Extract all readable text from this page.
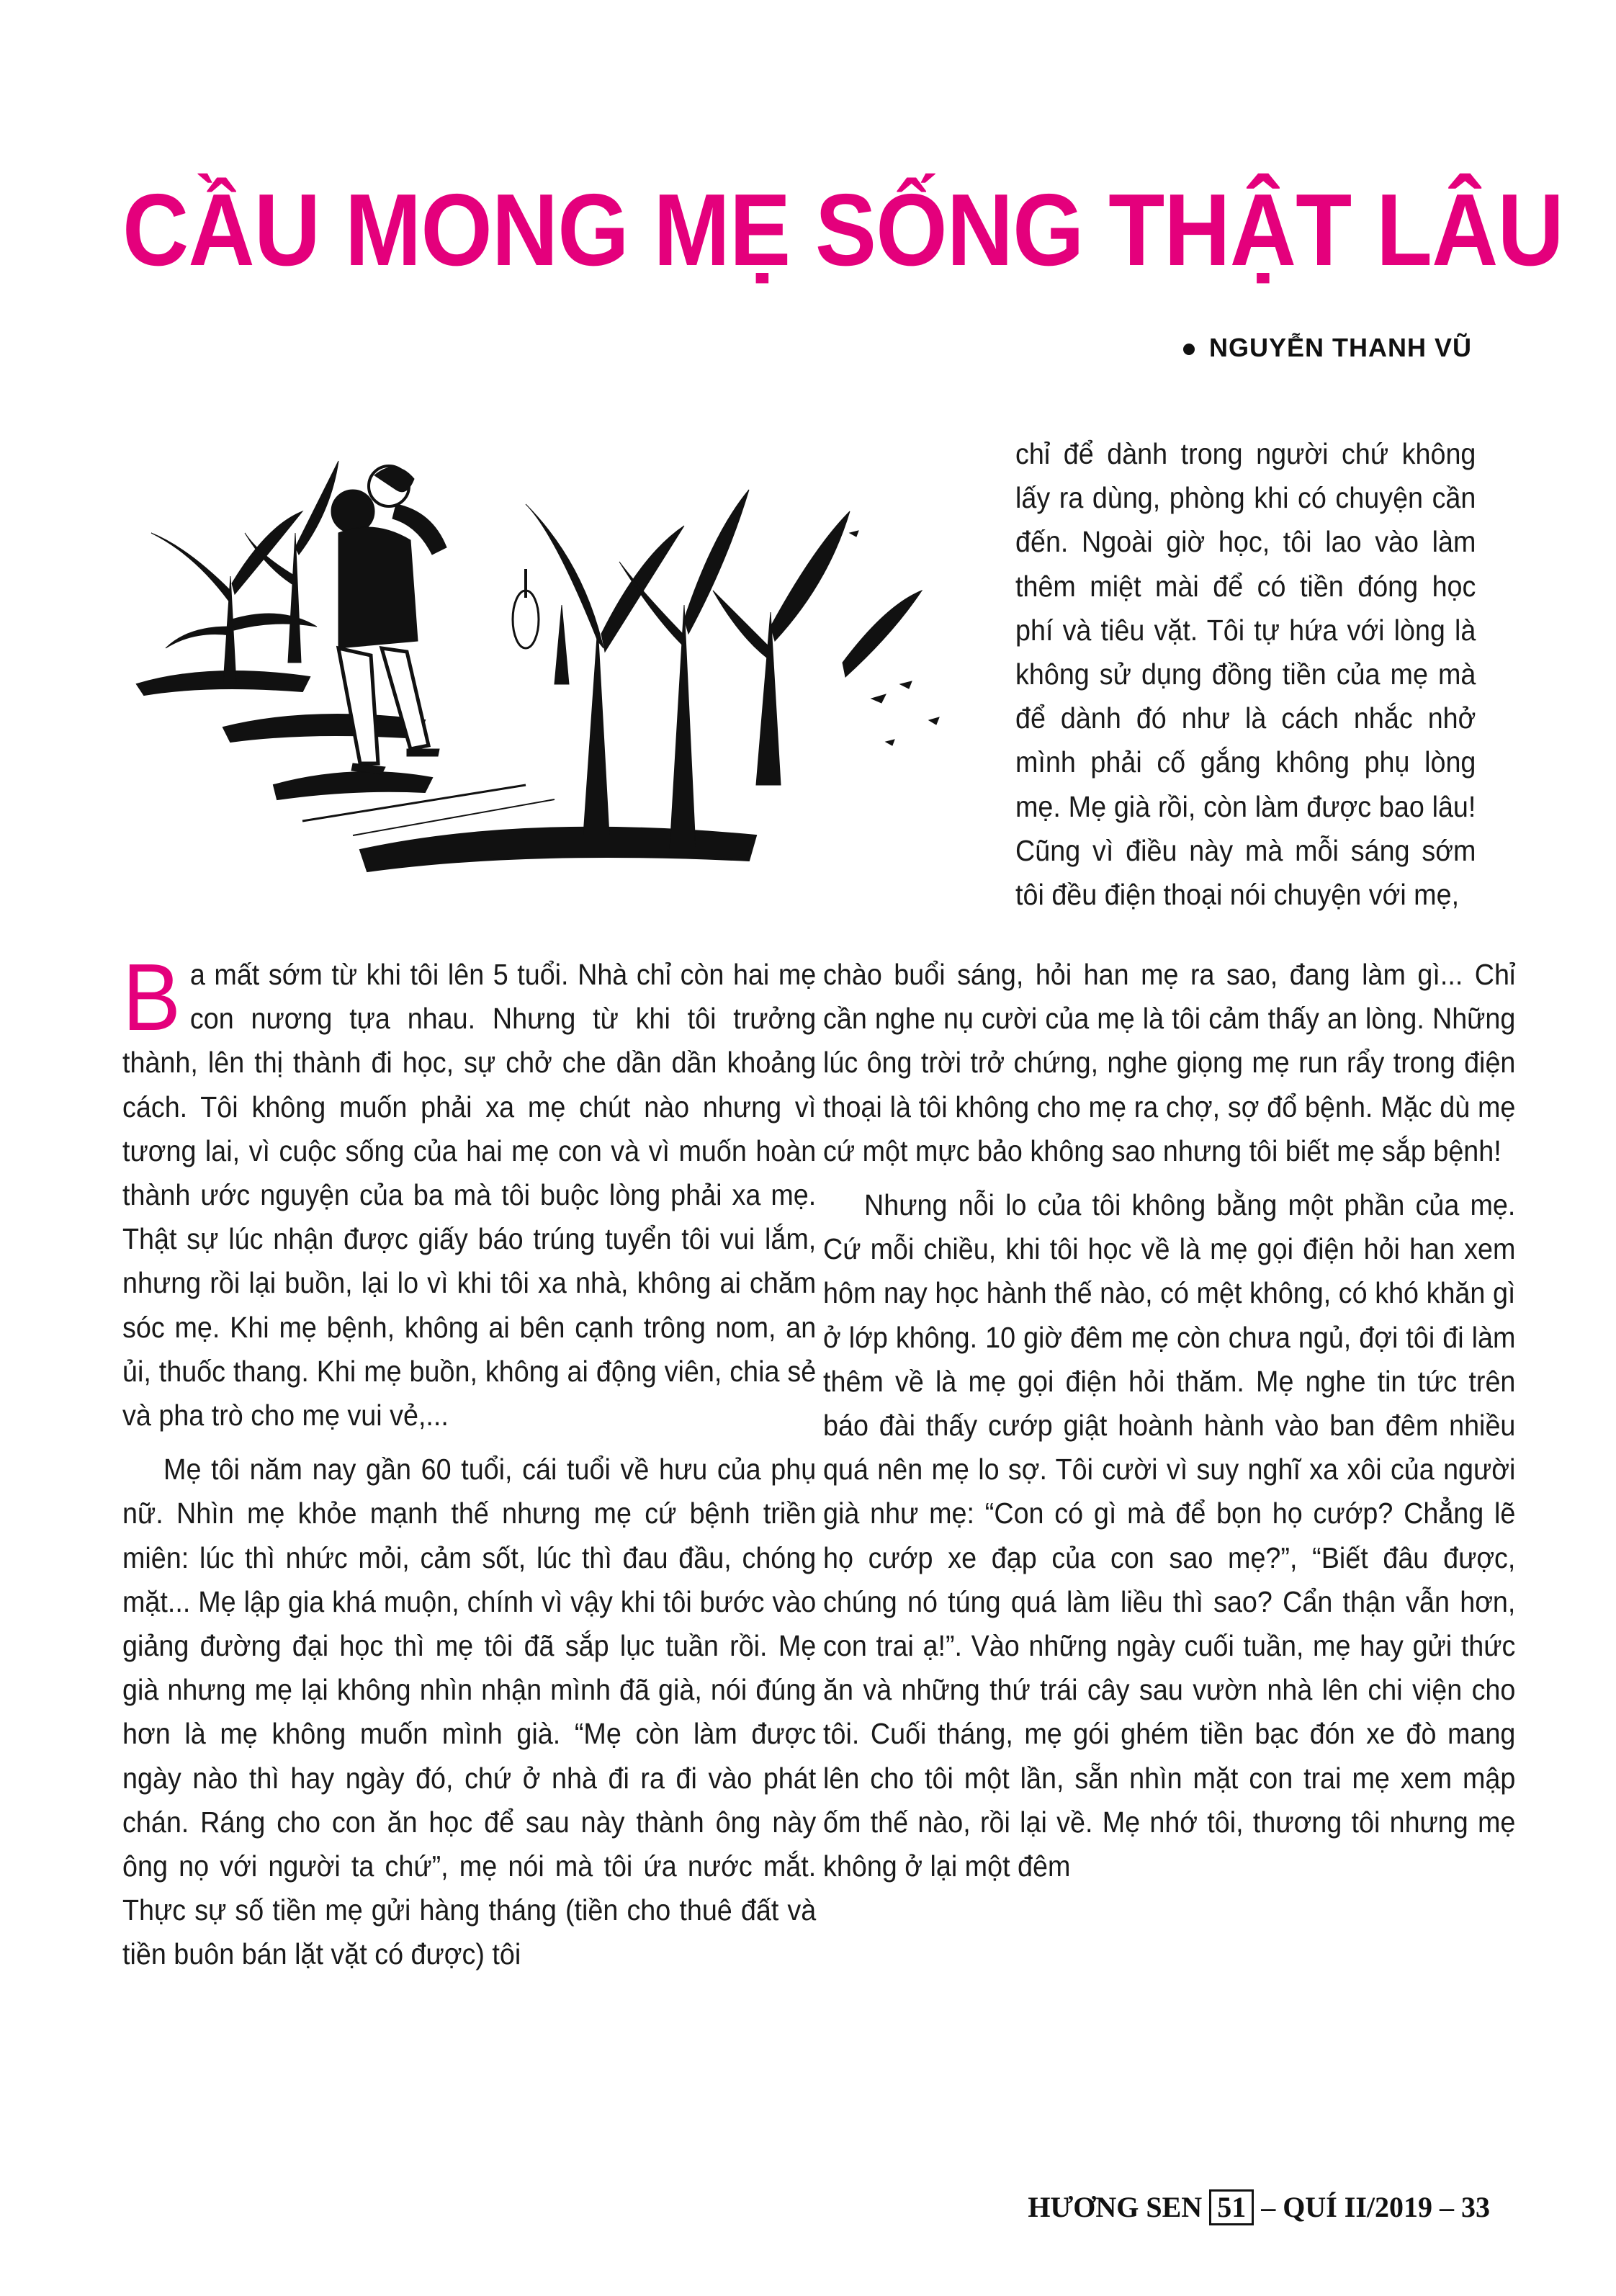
CẦU MONG MẸ SỐNG THẬT LÂU
NGUYỄN THANH VŨ

chỉ để dành trong người chứ không lấy ra dùng, phòng khi có chuyện cần đến. Ngoài giờ học, tôi lao vào làm thêm miệt mài để có tiền đóng học phí và tiêu vặt. Tôi tự hứa với lòng là không sử dụng đồng tiền của mẹ mà để dành đó như là cách nhắc nhở mình phải cố gắng không phụ lòng mẹ. Mẹ già rồi, còn làm được bao lâu! Cũng vì điều này mà mỗi sáng sớm tôi đều điện thoại nói chuyện với mẹ,

Ba mất sớm từ khi tôi lên 5 tuổi. Nhà chỉ còn hai mẹ con nương tựa nhau. Nhưng từ khi tôi trưởng thành, lên thị thành đi học, sự chở che dần dần khoảng cách. Tôi không muốn phải xa mẹ chút nào nhưng vì tương lai, vì cuộc sống của hai mẹ con và vì muốn hoàn thành ước nguyện của ba mà tôi buộc lòng phải xa mẹ. Thật sự lúc nhận được giấy báo trúng tuyển tôi vui lắm, nhưng rồi lại buồn, lại lo vì khi tôi xa nhà, không ai chăm sóc mẹ. Khi mẹ bệnh, không ai bên cạnh trông nom, an ủi, thuốc thang. Khi mẹ buồn, không ai động viên, chia sẻ và pha trò cho mẹ vui vẻ,...

Mẹ tôi năm nay gần 60 tuổi, cái tuổi về hưu của phụ nữ. Nhìn mẹ khỏe mạnh thế nhưng mẹ cứ bệnh triền miên: lúc thì nhức mỏi, cảm sốt, lúc thì đau đầu, chóng mặt... Mẹ lập gia khá muộn, chính vì vậy khi tôi bước vào giảng đường đại học thì mẹ tôi đã sắp lục tuần rồi. Mẹ già nhưng mẹ lại không nhìn nhận mình đã già, nói đúng hơn là mẹ không muốn mình già. “Mẹ còn làm được ngày nào thì hay ngày đó, chứ ở nhà đi ra đi vào phát chán. Ráng cho con ăn học để sau này thành ông này ông nọ với người ta chứ”, mẹ nói mà tôi ứa nước mắt. Thực sự số tiền mẹ gửi hàng tháng (tiền cho thuê đất và tiền buôn bán lặt vặt có được) tôi

chào buổi sáng, hỏi han mẹ ra sao, đang làm gì... Chỉ cần nghe nụ cười của mẹ là tôi cảm thấy an lòng. Những lúc ông trời trở chứng, nghe giọng mẹ run rẩy trong điện thoại là tôi không cho mẹ ra chợ, sợ đổ bệnh. Mặc dù mẹ cứ một mực bảo không sao nhưng tôi biết mẹ sắp bệnh!

Nhưng nỗi lo của tôi không bằng một phần của mẹ. Cứ mỗi chiều, khi tôi học về là mẹ gọi điện hỏi han xem hôm nay học hành thế nào, có mệt không, có khó khăn gì ở lớp không. 10 giờ đêm mẹ còn chưa ngủ, đợi tôi đi làm thêm về là mẹ gọi điện hỏi thăm. Mẹ nghe tin tức trên báo đài thấy cướp giật hoành hành vào ban đêm nhiều quá nên mẹ lo sợ. Tôi cười vì suy nghĩ xa xôi của người già như mẹ: “Con có gì mà để bọn họ cướp? Chẳng lẽ họ cướp xe đạp của con sao mẹ?”, “Biết đâu được, chúng nó túng quá làm liều thì sao? Cẩn thận vẫn hơn, con trai ạ!”. Vào những ngày cuối tuần, mẹ hay gửi thức ăn và những thứ trái cây sau vườn nhà lên chi viện cho tôi. Cuối tháng, mẹ gói ghém tiền bạc đón xe đò mang lên cho tôi một lần, sẵn nhìn mặt con trai mẹ xem mập ốm thế nào, rồi lại về. Mẹ nhớ tôi, thương tôi nhưng mẹ không ở lại một đêm

HƯƠNG SEN 51 – QUÍ II/2019 – 33
